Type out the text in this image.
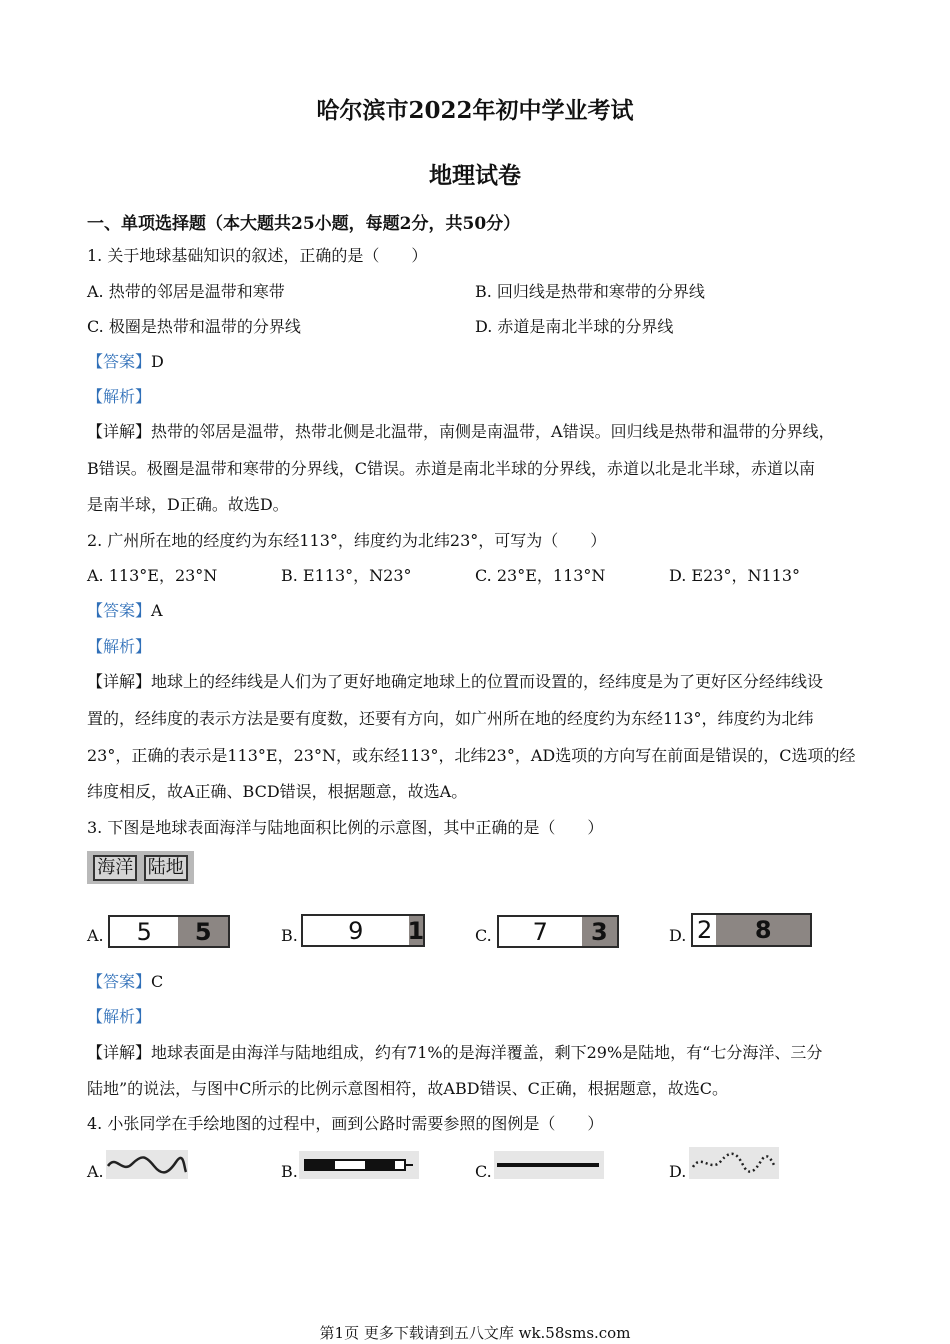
哈尔滨市2022年初中学业考试
地理试卷
一、单项选择题（本大题共25小题，每题2分，共50分）
1. 关于地球基础知识的叙述，正确的是（　　）
A. 热带的邻居是温带和寒带	B. 回归线是热带和寒带的分界线
C. 极圈是热带和温带的分界线	D. 赤道是南北半球的分界线
【答案】D
【解析】
【详解】热带的邻居是温带，热带北侧是北温带，南侧是南温带，A错误。回归线是热带和温带的分界线，
B错误。极圈是温带和寒带的分界线，C错误。赤道是南北半球的分界线，赤道以北是北半球，赤道以南
是南半球，D正确。故选D。
2. 广州所在地的经度约为东经113°，纬度约为北纬23°，可写为（　　）
A. 113°E，23°N	B. E113°，N23°	C. 23°E，113°N	D. E23°，N113°
【答案】A
【解析】
【详解】地球上的经纬线是人们为了更好地确定地球上的位置而设置的，经纬度是为了更好区分经纬线设
置的，经纬度的表示方法是要有度数，还要有方向，如广州所在地的经度约为东经113°，纬度约为北纬
23°，正确的表示是113°E，23°N，或东经113°，北纬23°，AD选项的方向写在前面是错误的，C选项的经
纬度相反，故A正确、BCD错误，根据题意，故选A。
3. 下图是地球表面海洋与陆地面积比例的示意图，其中正确的是（　　）
海洋 陆地
A.	5	5	B.	9	1	C.	7	3	D. 2	8
【答案】C
【解析】
【详解】地球表面是由海洋与陆地组成，约有71%的是海洋覆盖，剩下29%是陆地，有“七分海洋、三分
陆地”的说法，与图中C所示的比例示意图相符，故ABD错误、C正确，根据题意，故选C。
4. 小张同学在手绘地图的过程中，画到公路时需要参照的图例是（　　）
A.	B.	C.	D.
第1页 更多下载请到五八文库 wk.58sms.com
